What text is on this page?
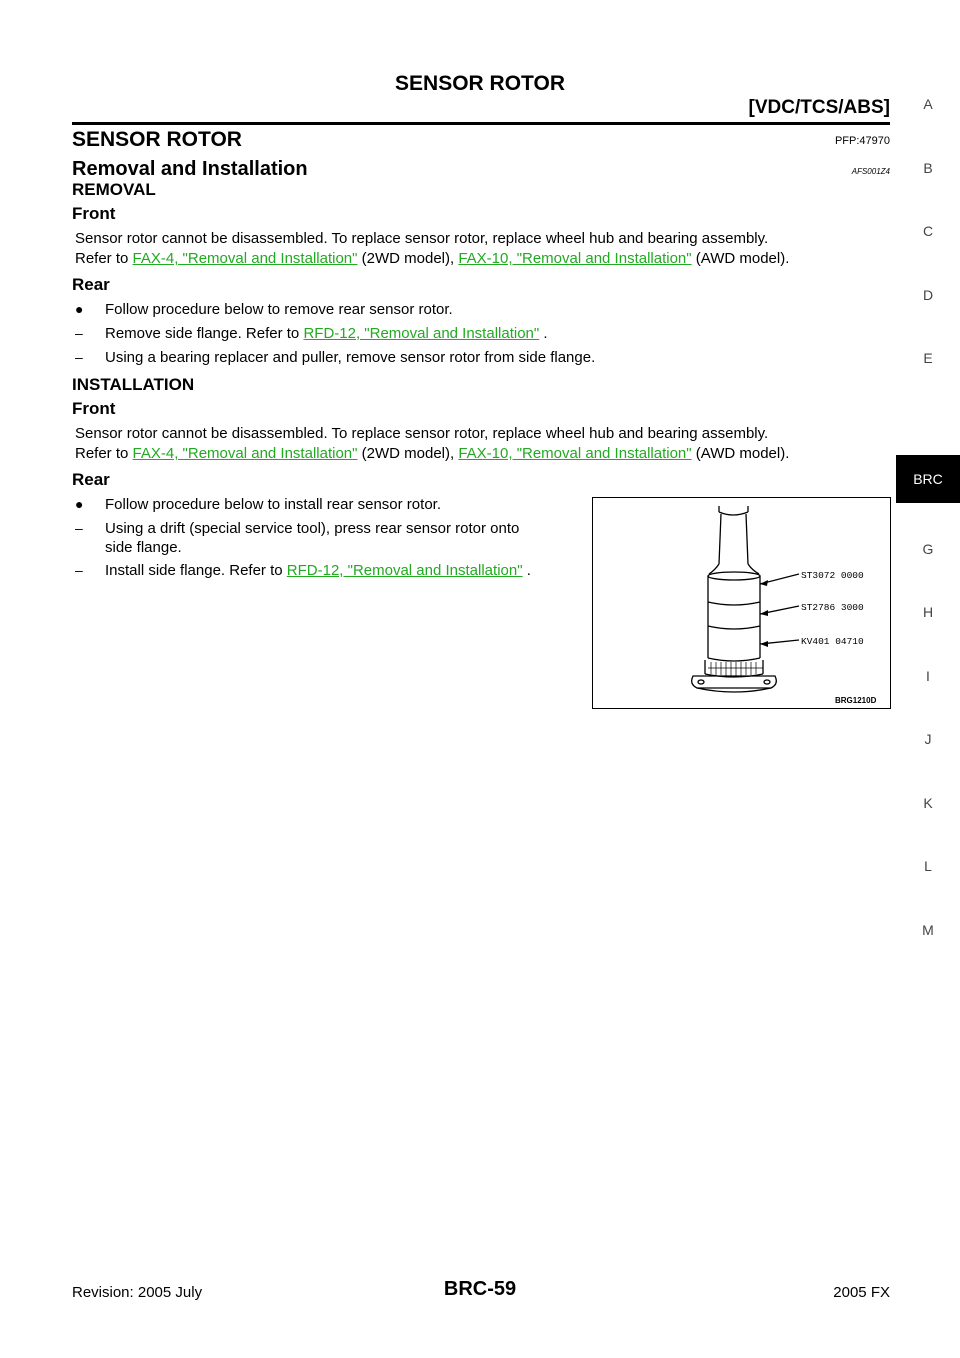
SENSOR ROTOR
[VDC/TCS/ABS]
SENSOR ROTOR	PFP:47970
Removal and Installation	AFS001Z4
REMOVAL
Front
Sensor rotor cannot be disassembled. To replace sensor rotor, replace wheel hub and bearing assembly.
Refer to FAX-4, "Removal and Installation" (2WD model), FAX-10, "Removal and Installation" (AWD model).
Rear
● Follow procedure below to remove rear sensor rotor.
– Remove side flange. Refer to RFD-12, "Removal and Installation" .
– Using a bearing replacer and puller, remove sensor rotor from side flange.
INSTALLATION
Front
Sensor rotor cannot be disassembled. To replace sensor rotor, replace wheel hub and bearing assembly.
Refer to FAX-4, "Removal and Installation" (2WD model), FAX-10, "Removal and Installation" (AWD model).
Rear
● Follow procedure below to install rear sensor rotor.
– Using a drift (special service tool), press rear sensor rotor onto
side flange.
– Install side flange. Refer to RFD-12, "Removal and Installation" .	ST3072 0000
ST2786 3000
KV401 04710
BRG1210D
A
B
C
D
E
BRC
G
H
I
J
K
L
M
Revision: 2005 July	BRC-59	2005 FX
